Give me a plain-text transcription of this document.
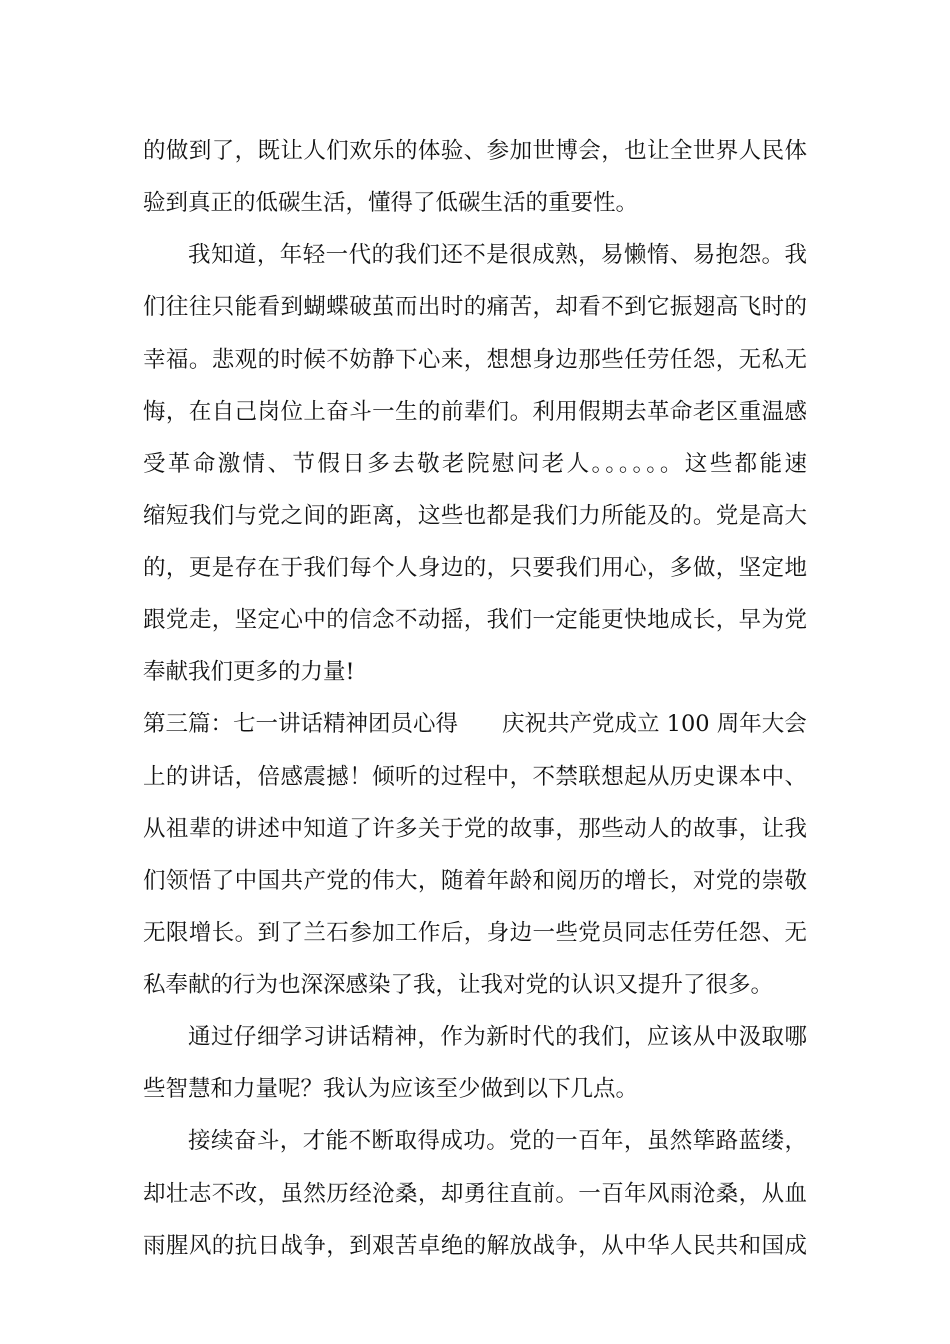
的做到了，既让人们欢乐的体验、参加世博会，也让全世界人民体
验到真正的低碳生活，懂得了低碳生活的重要性。
我知道，年轻一代的我们还不是很成熟，易懒惰、易抱怨。我
们往往只能看到蝴蝶破茧而出时的痛苦，却看不到它振翅高飞时的
幸福。悲观的时候不妨静下心来，想想身边那些任劳任怨，无私无
悔，在自己岗位上奋斗一生的前辈们。利用假期去革命老区重温感
受革命激情、节假日多去敬老院慰问老人。。。。。。这些都能速
缩短我们与党之间的距离，这些也都是我们力所能及的。党是高大
的，更是存在于我们每个人身边的，只要我们用心，多做，坚定地
跟党走，坚定心中的信念不动摇，我们一定能更快地成长，早为党
奉献我们更多的力量!
第三篇：七一讲话精神团员心得 庆祝共产党成立 100 周年大会
上的讲话，倍感震撼！倾听的过程中，不禁联想起从历史课本中、
从祖辈的讲述中知道了许多关于党的故事，那些动人的故事，让我
们领悟了中国共产党的伟大，随着年龄和阅历的增长，对党的崇敬
无限增长。到了兰石参加工作后，身边一些党员同志任劳任怨、无
私奉献的行为也深深感染了我，让我对党的认识又提升了很多。
通过仔细学习讲话精神，作为新时代的我们，应该从中汲取哪
些智慧和力量呢？我认为应该至少做到以下几点。
接续奋斗，才能不断取得成功。党的一百年，虽然筚路蓝缕，
却壮志不改，虽然历经沧桑，却勇往直前。一百年风雨沧桑，从血
雨腥风的抗日战争，到艰苦卓绝的解放战争，从中华人民共和国成
